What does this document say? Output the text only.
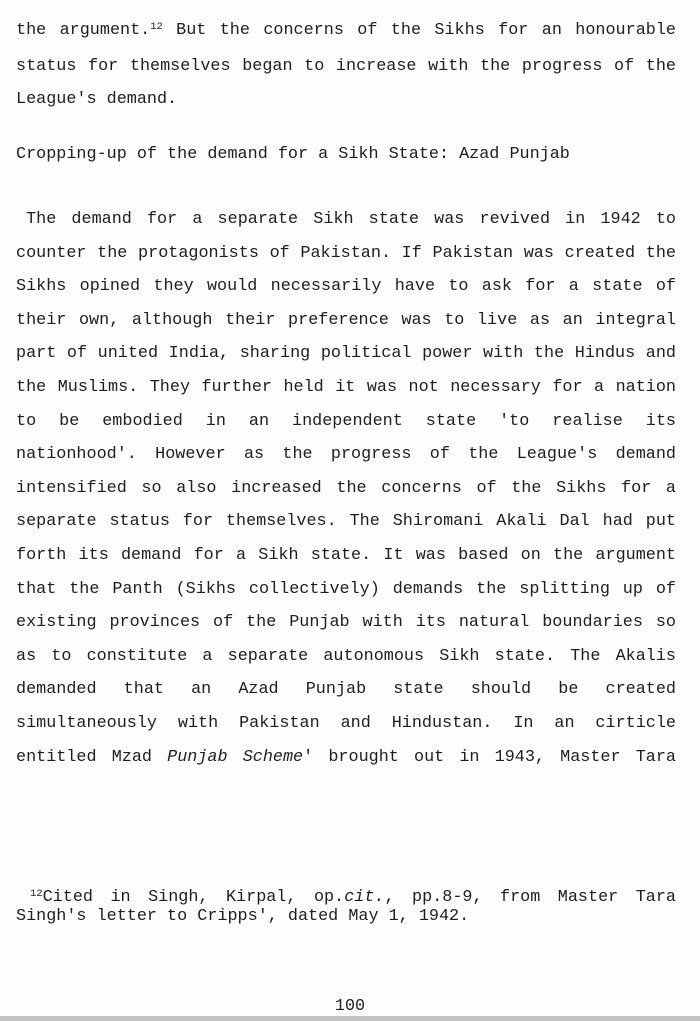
the argument.$^{12}$ But the concerns of the Sikhs for an honourable
status for themselves began to increase with the progress of the
League's demand.
Cropping-up of the demand for a Sikh State: Azad Punjab
The demand for a separate Sikh state was revived in 1942 to
counter the protagonists of Pakistan. If Pakistan was created the
Sikhs opined they would necessarily have to ask for a state of
their own, although their preference was to live as an integral
part of united India, sharing political power with the Hindus and
the Muslims. They further held it was not necessary for a nation
to be embodied in an independent state 'to realise its
nationhood'. However as the progress of the League's demand
intensified so also increased the concerns of the Sikhs for a
separate status for themselves. The Shiromani Akali Dal had put
forth its demand for a Sikh state. It was based on the argument
that the Panth (Sikhs collectively) demands the splitting up of
existing provinces of the Punjab with its natural boundaries so
as to constitute a separate autonomous Sikh state. The Akalis
demanded that an Azad Punjab state should be created
simultaneously with Pakistan and Hindustan. In an cirticle
entitled Mzad Punjab Scheme' brought out in 1943, Master Tara
$^{12}$Cited in Singh, Kirpal, op.cit., pp.8-9, from Master Tara
Singh's letter to Cripps', dated May 1, 1942.
100
